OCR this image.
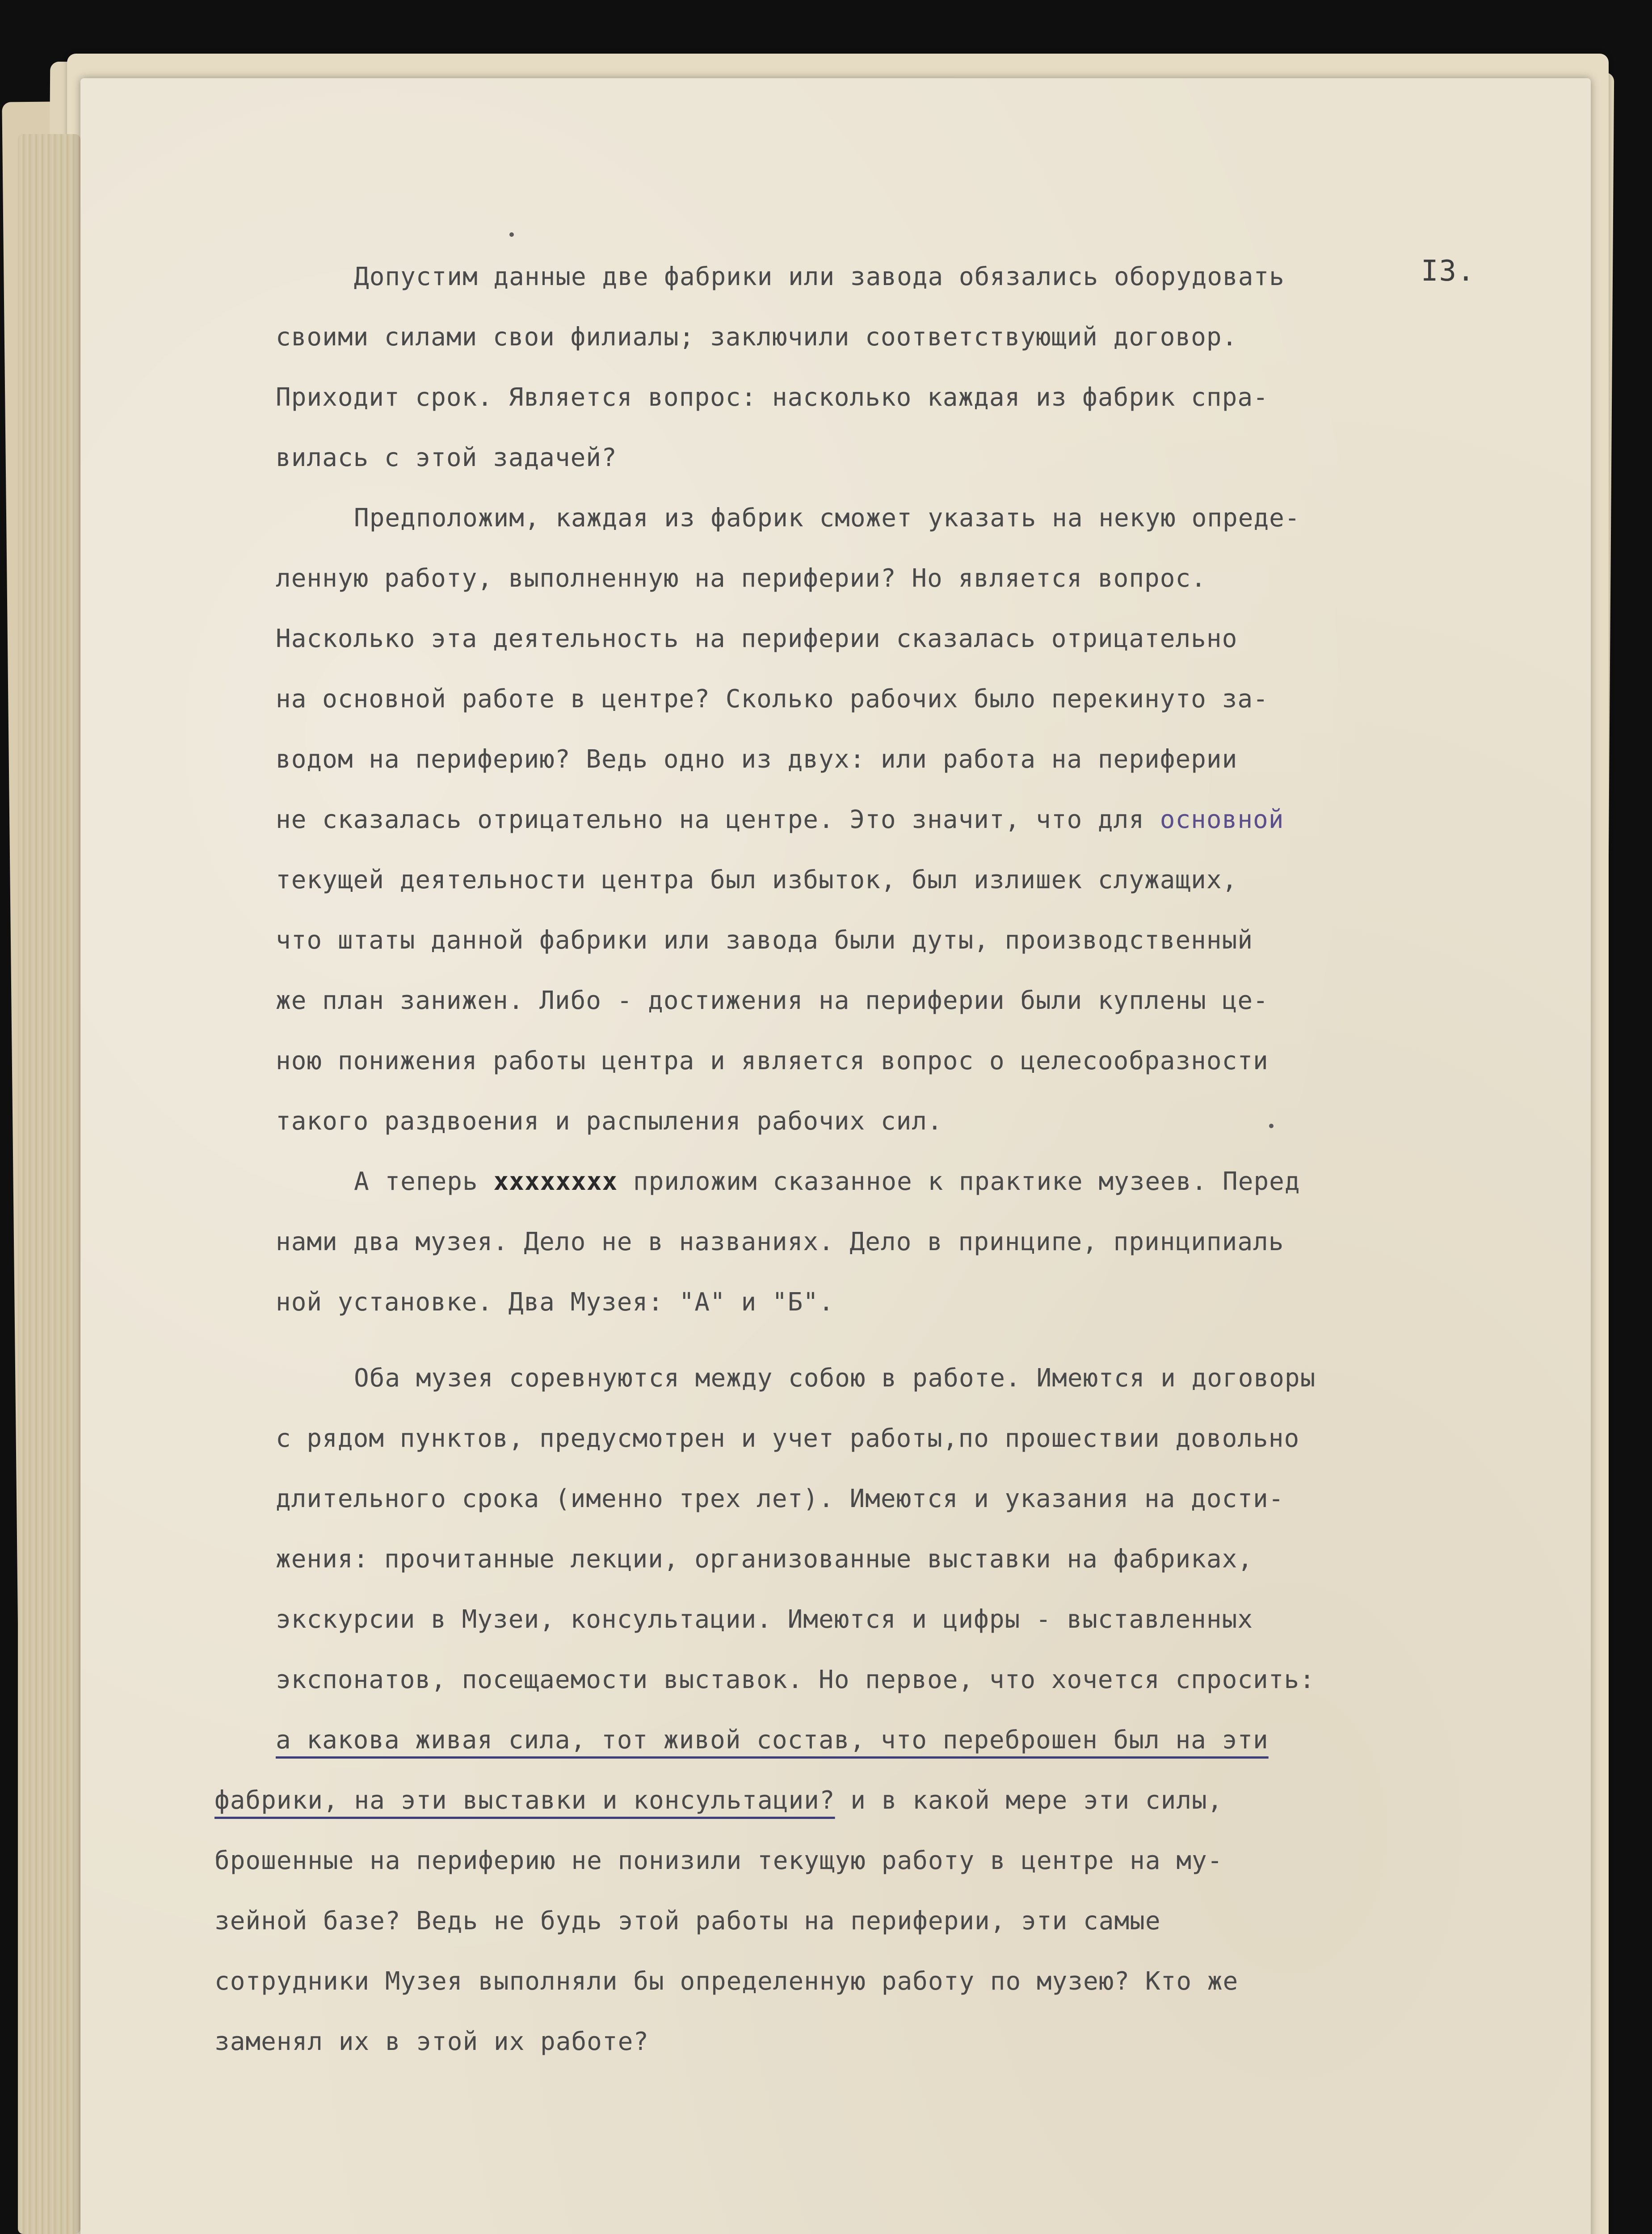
I3.
Допустим данные две фабрики или завода обязались оборудовать
своими силами свои филиалы; заключили соответствующий договор.
Приходит срок. Является вопрос: насколько каждая из фабрик спра-
вилась с этой задачей?
Предположим, каждая из фабрик сможет указать на некую опреде-
ленную работу, выполненную на периферии? Но является вопрос.
Насколько эта деятельность на периферии сказалась отрицательно
на основной работе в центре? Сколько рабочих было перекинуто за-
водом на периферию? Ведь одно из двух: или работа на периферии
не сказалась отрицательно на центре. Это значит, что для основной
текущей деятельности центра был избыток, был излишек служащих,
что штаты данной фабрики или завода были дуты, производственный
же план занижен. Либо - достижения на периферии были куплены це-
ною понижения работы центра и является вопрос о целесообразности
такого раздвоения и распыления рабочих сил.
А теперь xxxxxxxx приложим сказанное к практике музеев. Перед
нами два музея. Дело не в названиях. Дело в принципе, принципиаль
ной установке. Два Музея: "А" и "Б".
Оба музея соревнуются между собою в работе. Имеются и договоры
с рядом пунктов, предусмотрен и учет работы,по прошествии довольно
длительного срока (именно трех лет). Имеются и указания на дости-
жения: прочитанные лекции, организованные выставки на фабриках,
экскурсии в Музеи, консультации. Имеются и цифры - выставленных
экспонатов, посещаемости выставок. Но первое, что хочется спросить:
а какова живая сила, тот живой состав, что переброшен был на эти
фабрики, на эти выставки и консультации? и в какой мере эти силы,
брошенные на периферию не понизили текущую работу в центре на му-
зейной базе? Ведь не будь этой работы на периферии, эти самые
сотрудники Музея выполняли бы определенную работу по музею? Кто же
заменял их в этой их работе?
